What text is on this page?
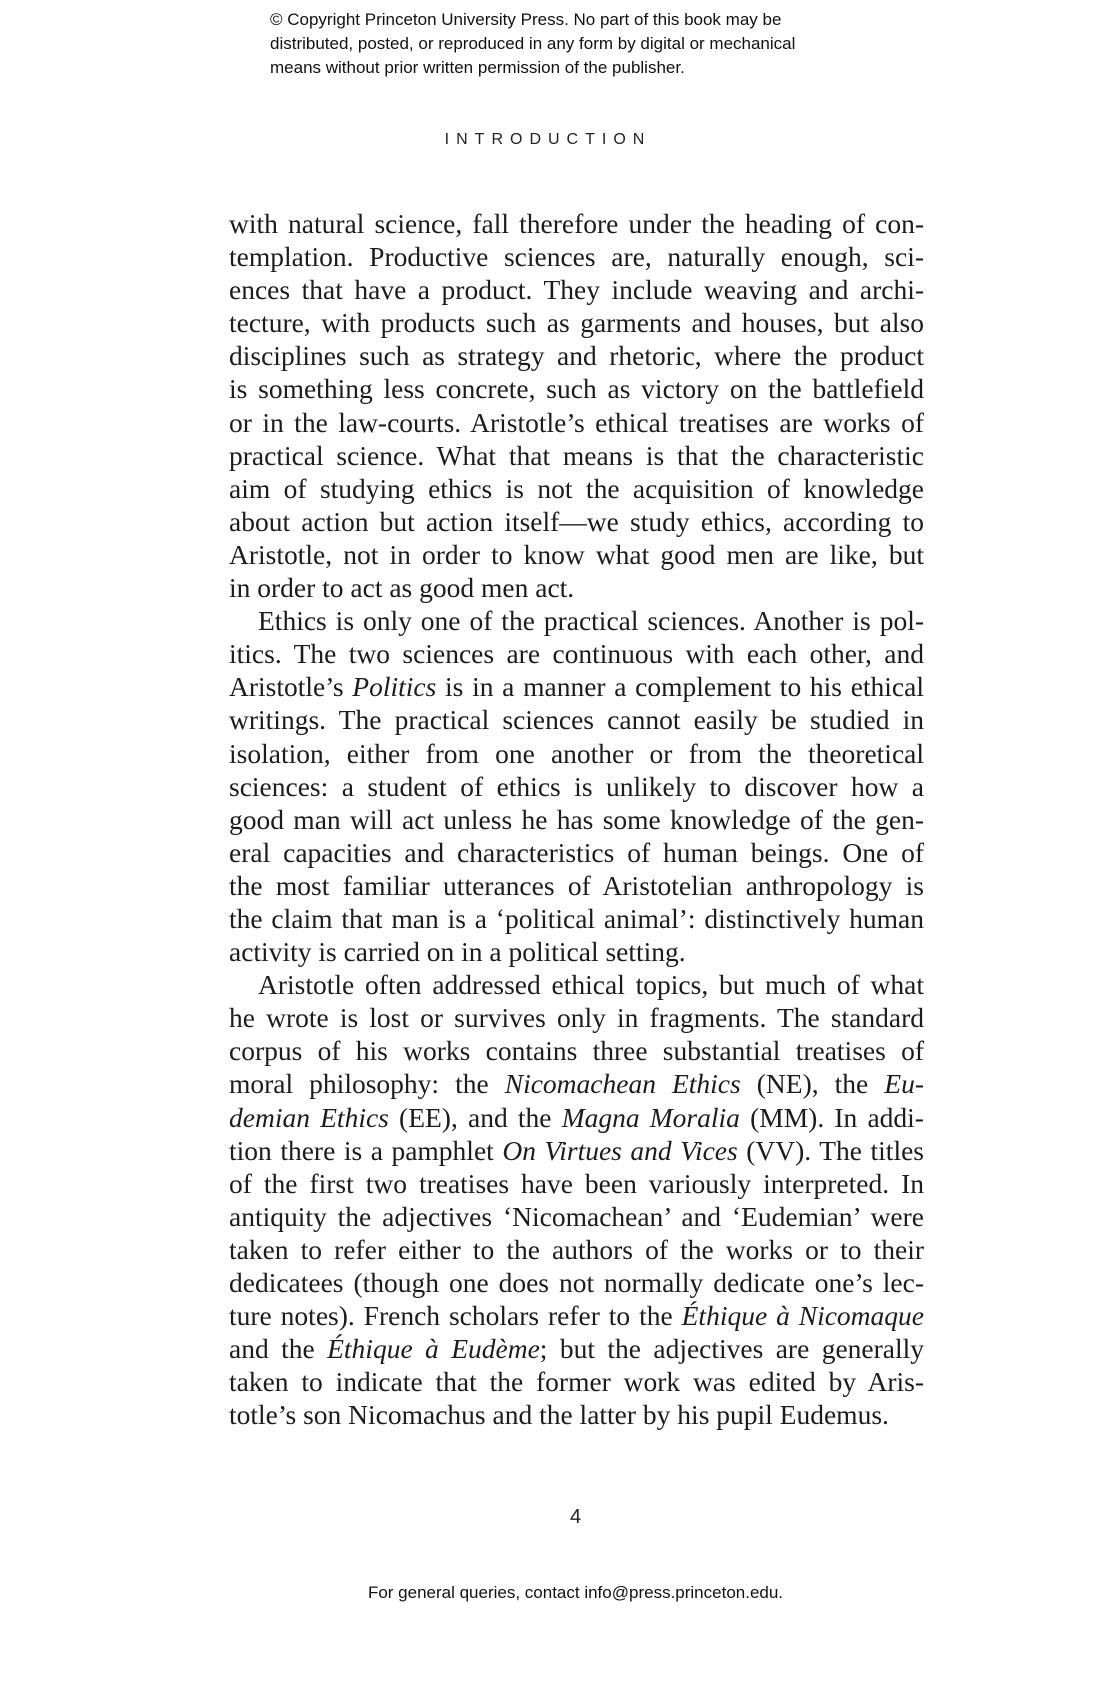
© Copyright Princeton University Press. No part of this book may be
distributed, posted, or reproduced in any form by digital or mechanical
means without prior written permission of the publisher.
INTRODUCTION
with natural science, fall therefore under the heading of con-
templation. Productive sciences are, naturally enough, sci-
ences that have a product. They include weaving and archi-
tecture, with products such as garments and houses, but also
disciplines such as strategy and rhetoric, where the product
is something less concrete, such as victory on the battlefield
or in the law-courts. Aristotle’s ethical treatises are works of
practical science. What that means is that the characteristic
aim of studying ethics is not the acquisition of knowledge
about action but action itself—we study ethics, according to
Aristotle, not in order to know what good men are like, but
in order to act as good men act.
Ethics is only one of the practical sciences. Another is pol-
itics. The two sciences are continuous with each other, and
Aristotle’s Politics is in a manner a complement to his ethical
writings. The practical sciences cannot easily be studied in
isolation, either from one another or from the theoretical
sciences: a student of ethics is unlikely to discover how a
good man will act unless he has some knowledge of the gen-
eral capacities and characteristics of human beings. One of
the most familiar utterances of Aristotelian anthropology is
the claim that man is a ‘political animal’: distinctively human
activity is carried on in a political setting.
Aristotle often addressed ethical topics, but much of what
he wrote is lost or survives only in fragments. The standard
corpus of his works contains three substantial treatises of
moral philosophy: the Nicomachean Ethics (NE), the Eu-
demian Ethics (EE), and the Magna Moralia (MM). In addi-
tion there is a pamphlet On Virtues and Vices (VV). The titles
of the first two treatises have been variously interpreted. In
antiquity the adjectives ‘Nicomachean’ and ‘Eudemian’ were
taken to refer either to the authors of the works or to their
dedicatees (though one does not normally dedicate one’s lec-
ture notes). French scholars refer to the Éthique à Nicomaque
and the Éthique à Eudème; but the adjectives are generally
taken to indicate that the former work was edited by Aris-
totle’s son Nicomachus and the latter by his pupil Eudemus.
4
For general queries, contact info@press.princeton.edu.
